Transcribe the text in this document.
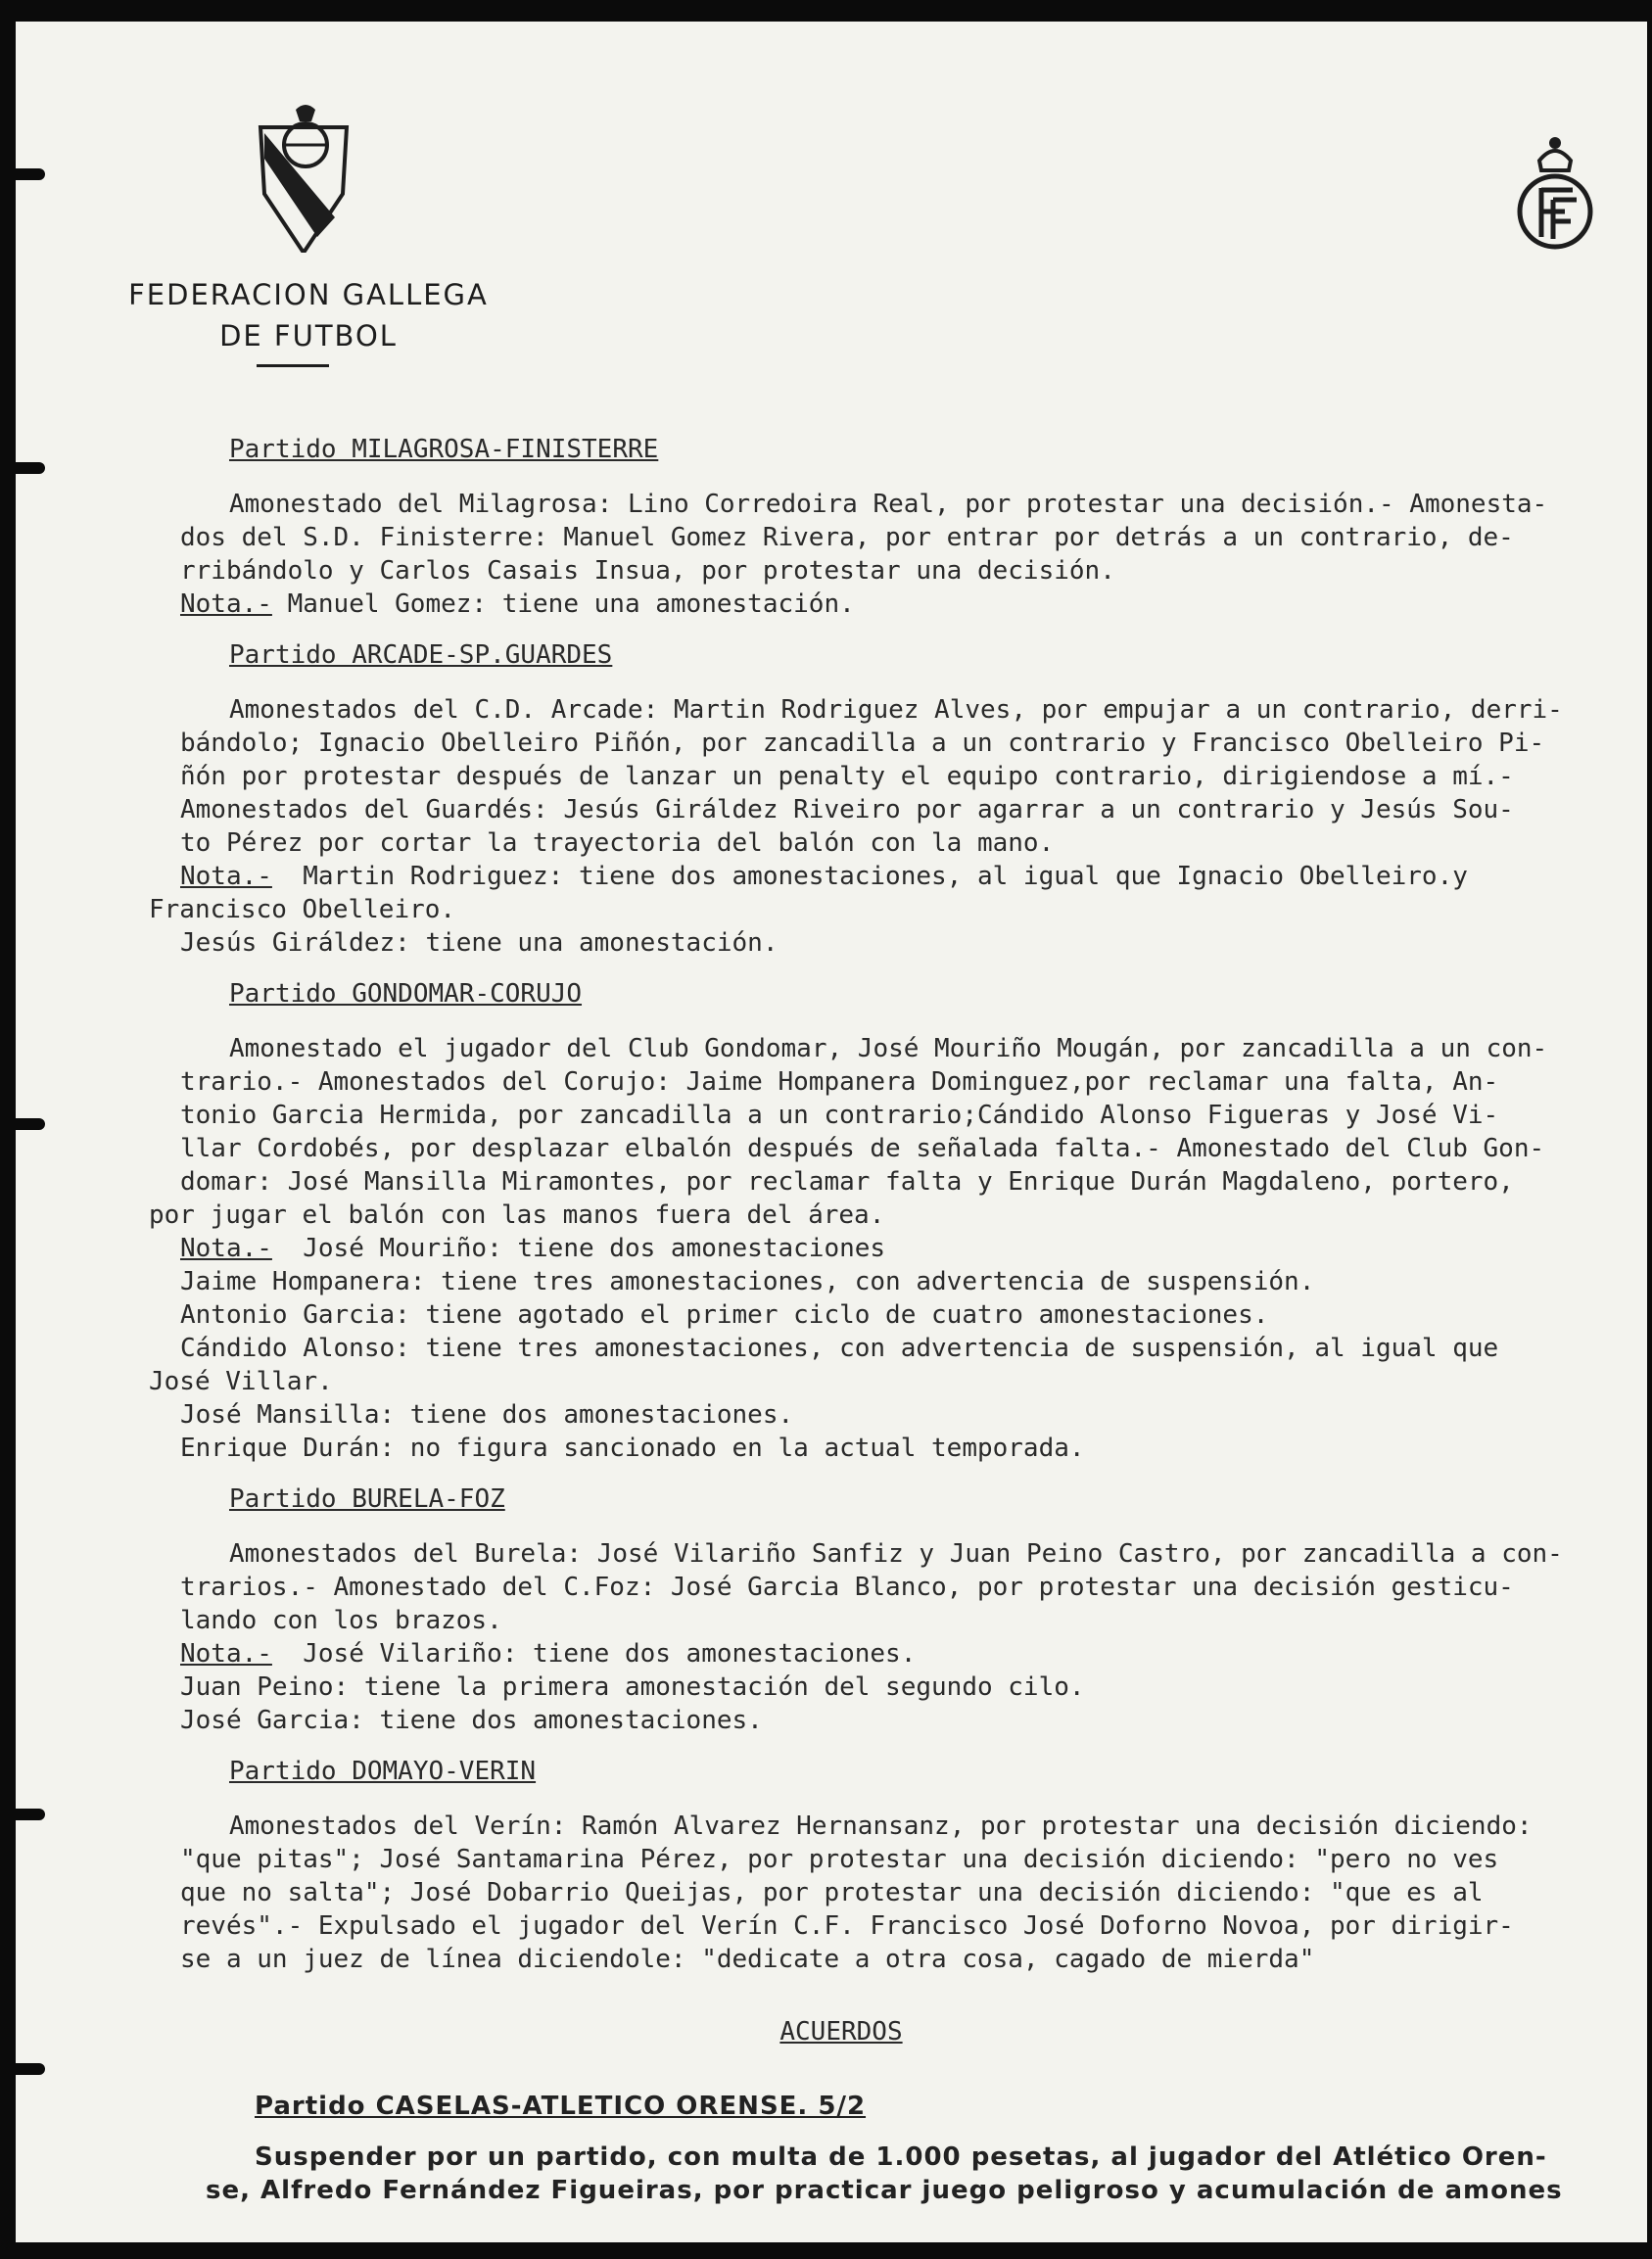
FEDERACION GALLEGA
DE FUTBOL
Partido MILAGROSA-FINISTERRE
Amonestado del Milagrosa: Lino Corredoira Real, por protestar una decisión.- Amonesta-
dos del S.D. Finisterre: Manuel Gomez Rivera, por entrar por detrás a un contrario, de-
rribándolo y Carlos Casais Insua, por protestar una decisión.
Nota.- Manuel Gomez: tiene una amonestación.
Partido ARCADE-SP.GUARDES
Amonestados del C.D. Arcade: Martin Rodriguez Alves, por empujar a un contrario, derri-
bándolo; Ignacio Obelleiro Piñón, por zancadilla a un contrario y Francisco Obelleiro Pi-
ñón por protestar después de lanzar un penalty el equipo contrario, dirigiendose a mí.-
Amonestados del Guardés: Jesús Giráldez Riveiro por agarrar a un contrario y Jesús Sou-
to Pérez por cortar la trayectoria del balón con la mano.
Nota.-  Martin Rodriguez: tiene dos amonestaciones, al igual que Ignacio Obelleiro.y
Francisco Obelleiro.
Jesús Giráldez: tiene una amonestación.
Partido GONDOMAR-CORUJO
Amonestado el jugador del Club Gondomar, José Mouriño Mougán, por zancadilla a un con-
trario.- Amonestados del Corujo: Jaime Hompanera Dominguez,por reclamar una falta, An-
tonio Garcia Hermida, por zancadilla a un contrario;Cándido Alonso Figueras y José Vi-
llar Cordobés, por desplazar elbalón después de señalada falta.- Amonestado del Club Gon-
domar: José Mansilla Miramontes, por reclamar falta y Enrique Durán Magdaleno, portero,
por jugar el balón con las manos fuera del área.
Nota.-  José Mouriño: tiene dos amonestaciones
Jaime Hompanera: tiene tres amonestaciones, con advertencia de suspensión.
Antonio Garcia: tiene agotado el primer ciclo de cuatro amonestaciones.
Cándido Alonso: tiene tres amonestaciones, con advertencia de suspensión, al igual que
José Villar.
José Mansilla: tiene dos amonestaciones.
Enrique Durán: no figura sancionado en la actual temporada.
Partido BURELA-FOZ
Amonestados del Burela: José Vilariño Sanfiz y Juan Peino Castro, por zancadilla a con-
trarios.- Amonestado del C.Foz: José Garcia Blanco, por protestar una decisión gesticu-
lando con los brazos.
Nota.-  José Vilariño: tiene dos amonestaciones.
Juan Peino: tiene la primera amonestación del segundo cilo.
José Garcia: tiene dos amonestaciones.
Partido DOMAYO-VERIN
Amonestados del Verín: Ramón Alvarez Hernansanz, por protestar una decisión diciendo:
"que pitas"; José Santamarina Pérez, por protestar una decisión diciendo: "pero no ves
que no salta"; José Dobarrio Queijas, por protestar una decisión diciendo: "que es al
revés".- Expulsado el jugador del Verín C.F. Francisco José Doforno Novoa, por dirigir-
se a un juez de línea diciendole: "dedicate a otra cosa, cagado de mierda"
ACUERDOS
Partido CASELAS-ATLETICO ORENSE. 5/2
Suspender por un partido, con multa de 1.000 pesetas, al jugador del Atlético Oren-
se, Alfredo Fernández Figueiras, por practicar juego peligroso y acumulación de amones
